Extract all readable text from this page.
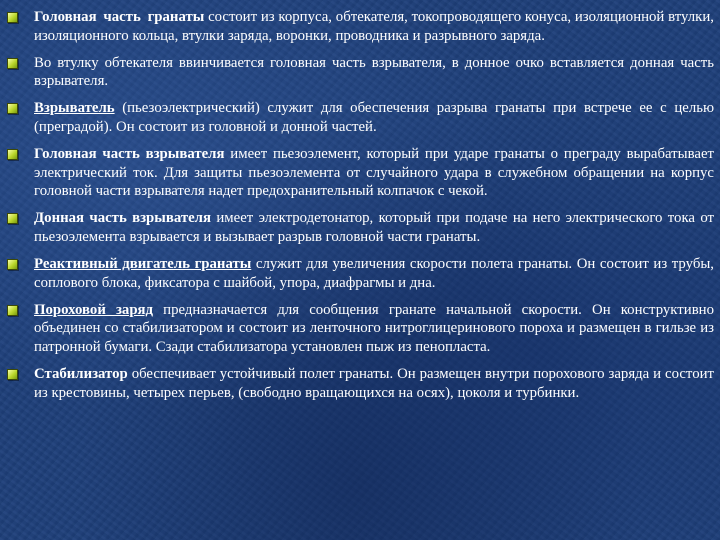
Головная часть гранаты состоит из корпуса, обтекателя, токопроводящего конуса, изоляционной втулки, изоляционного кольца, втулки заряда, воронки, проводника и разрывного заряда.
Во втулку обтекателя ввинчивается головная часть взрывателя, в донное очко вставляется донная часть взрывателя.
Взрыватель (пьезоэлектрический) служит для обеспечения разрыва гранаты при встрече ее с целью (преградой). Он состоит из головной и донной частей.
Головная часть взрывателя имеет пьезоэлемент, который при ударе гранаты о преграду вырабатывает электрический ток. Для защиты пьезоэлемента от случайного удара в служебном обращении на корпус головной части взрывателя надет предохранительный колпачок с чекой.
Донная часть взрывателя имеет электродетонатор, который при подаче на него электрического тока от пьезоэлемента взрывается и вызывает разрыв головной части гранаты.
Реактивный двигатель гранаты служит для увеличения скорости полета гранаты. Он состоит из трубы, соплового блока, фиксатора с шайбой, упора, диафрагмы и дна.
Пороховой заряд предназначается для сообщения гранате начальной скорости. Он конструктивно объединен со стабилизатором и состоит из ленточного нитроглицеринового пороха и размещен в гильзе из патронной бумаги. Сзади стабилизатора установлен пыж из пенопласта.
Стабилизатор обеспечивает устойчивый полет гранаты. Он размещен внутри порохового заряда и состоит из крестовины, четырех перьев, (свободно вращающихся на осях), цоколя и турбинки.
